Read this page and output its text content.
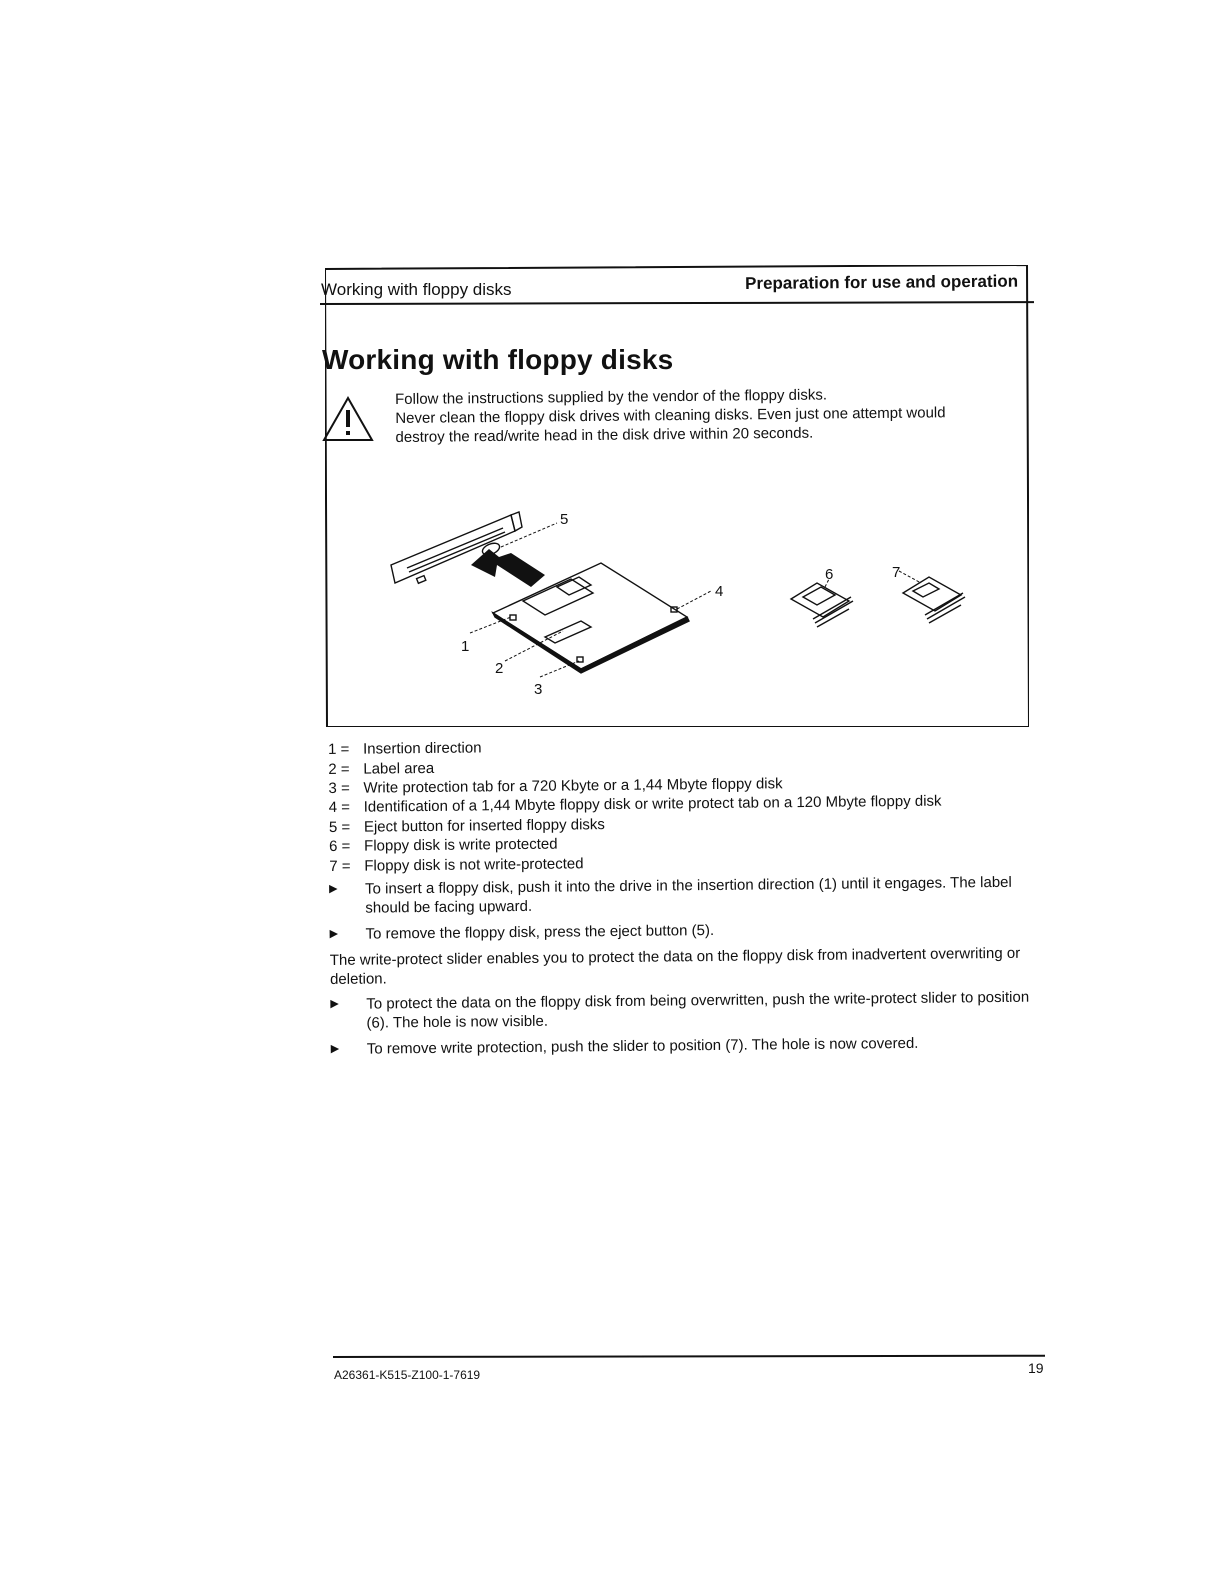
Working with floppy disks	Preparation for use and operation
Working with floppy disks
Follow the instructions supplied by the vendor of the floppy disks.
Never clean the floppy disk drives with cleaning disks. Even just one attempt would
destroy the read/write head in the disk drive within 20 seconds.
1
2
3
4
5
6	7
1 = Insertion direction
2 = Label area
3 = Write protection tab for a 720 Kbyte or a 1,44 Mbyte floppy disk
4 = Identification of a 1,44 Mbyte floppy disk or write protect tab on a 120 Mbyte floppy disk
5 = Eject button for inserted floppy disks
6 = Floppy disk is write protected
7 = Floppy disk is not write-protected
▶ To insert a floppy disk, push it into the drive in the insertion direction (1) until it engages. The label should be facing upward.
▶ To remove the floppy disk, press the eject button (5).
The write-protect slider enables you to protect the data on the floppy disk from inadvertent overwriting or deletion.
▶ To protect the data on the floppy disk from being overwritten, push the write-protect slider to position (6). The hole is now visible.
▶ To remove write protection, push the slider to position (7). The hole is now covered.
A26361-K515-Z100-1-7619	19
